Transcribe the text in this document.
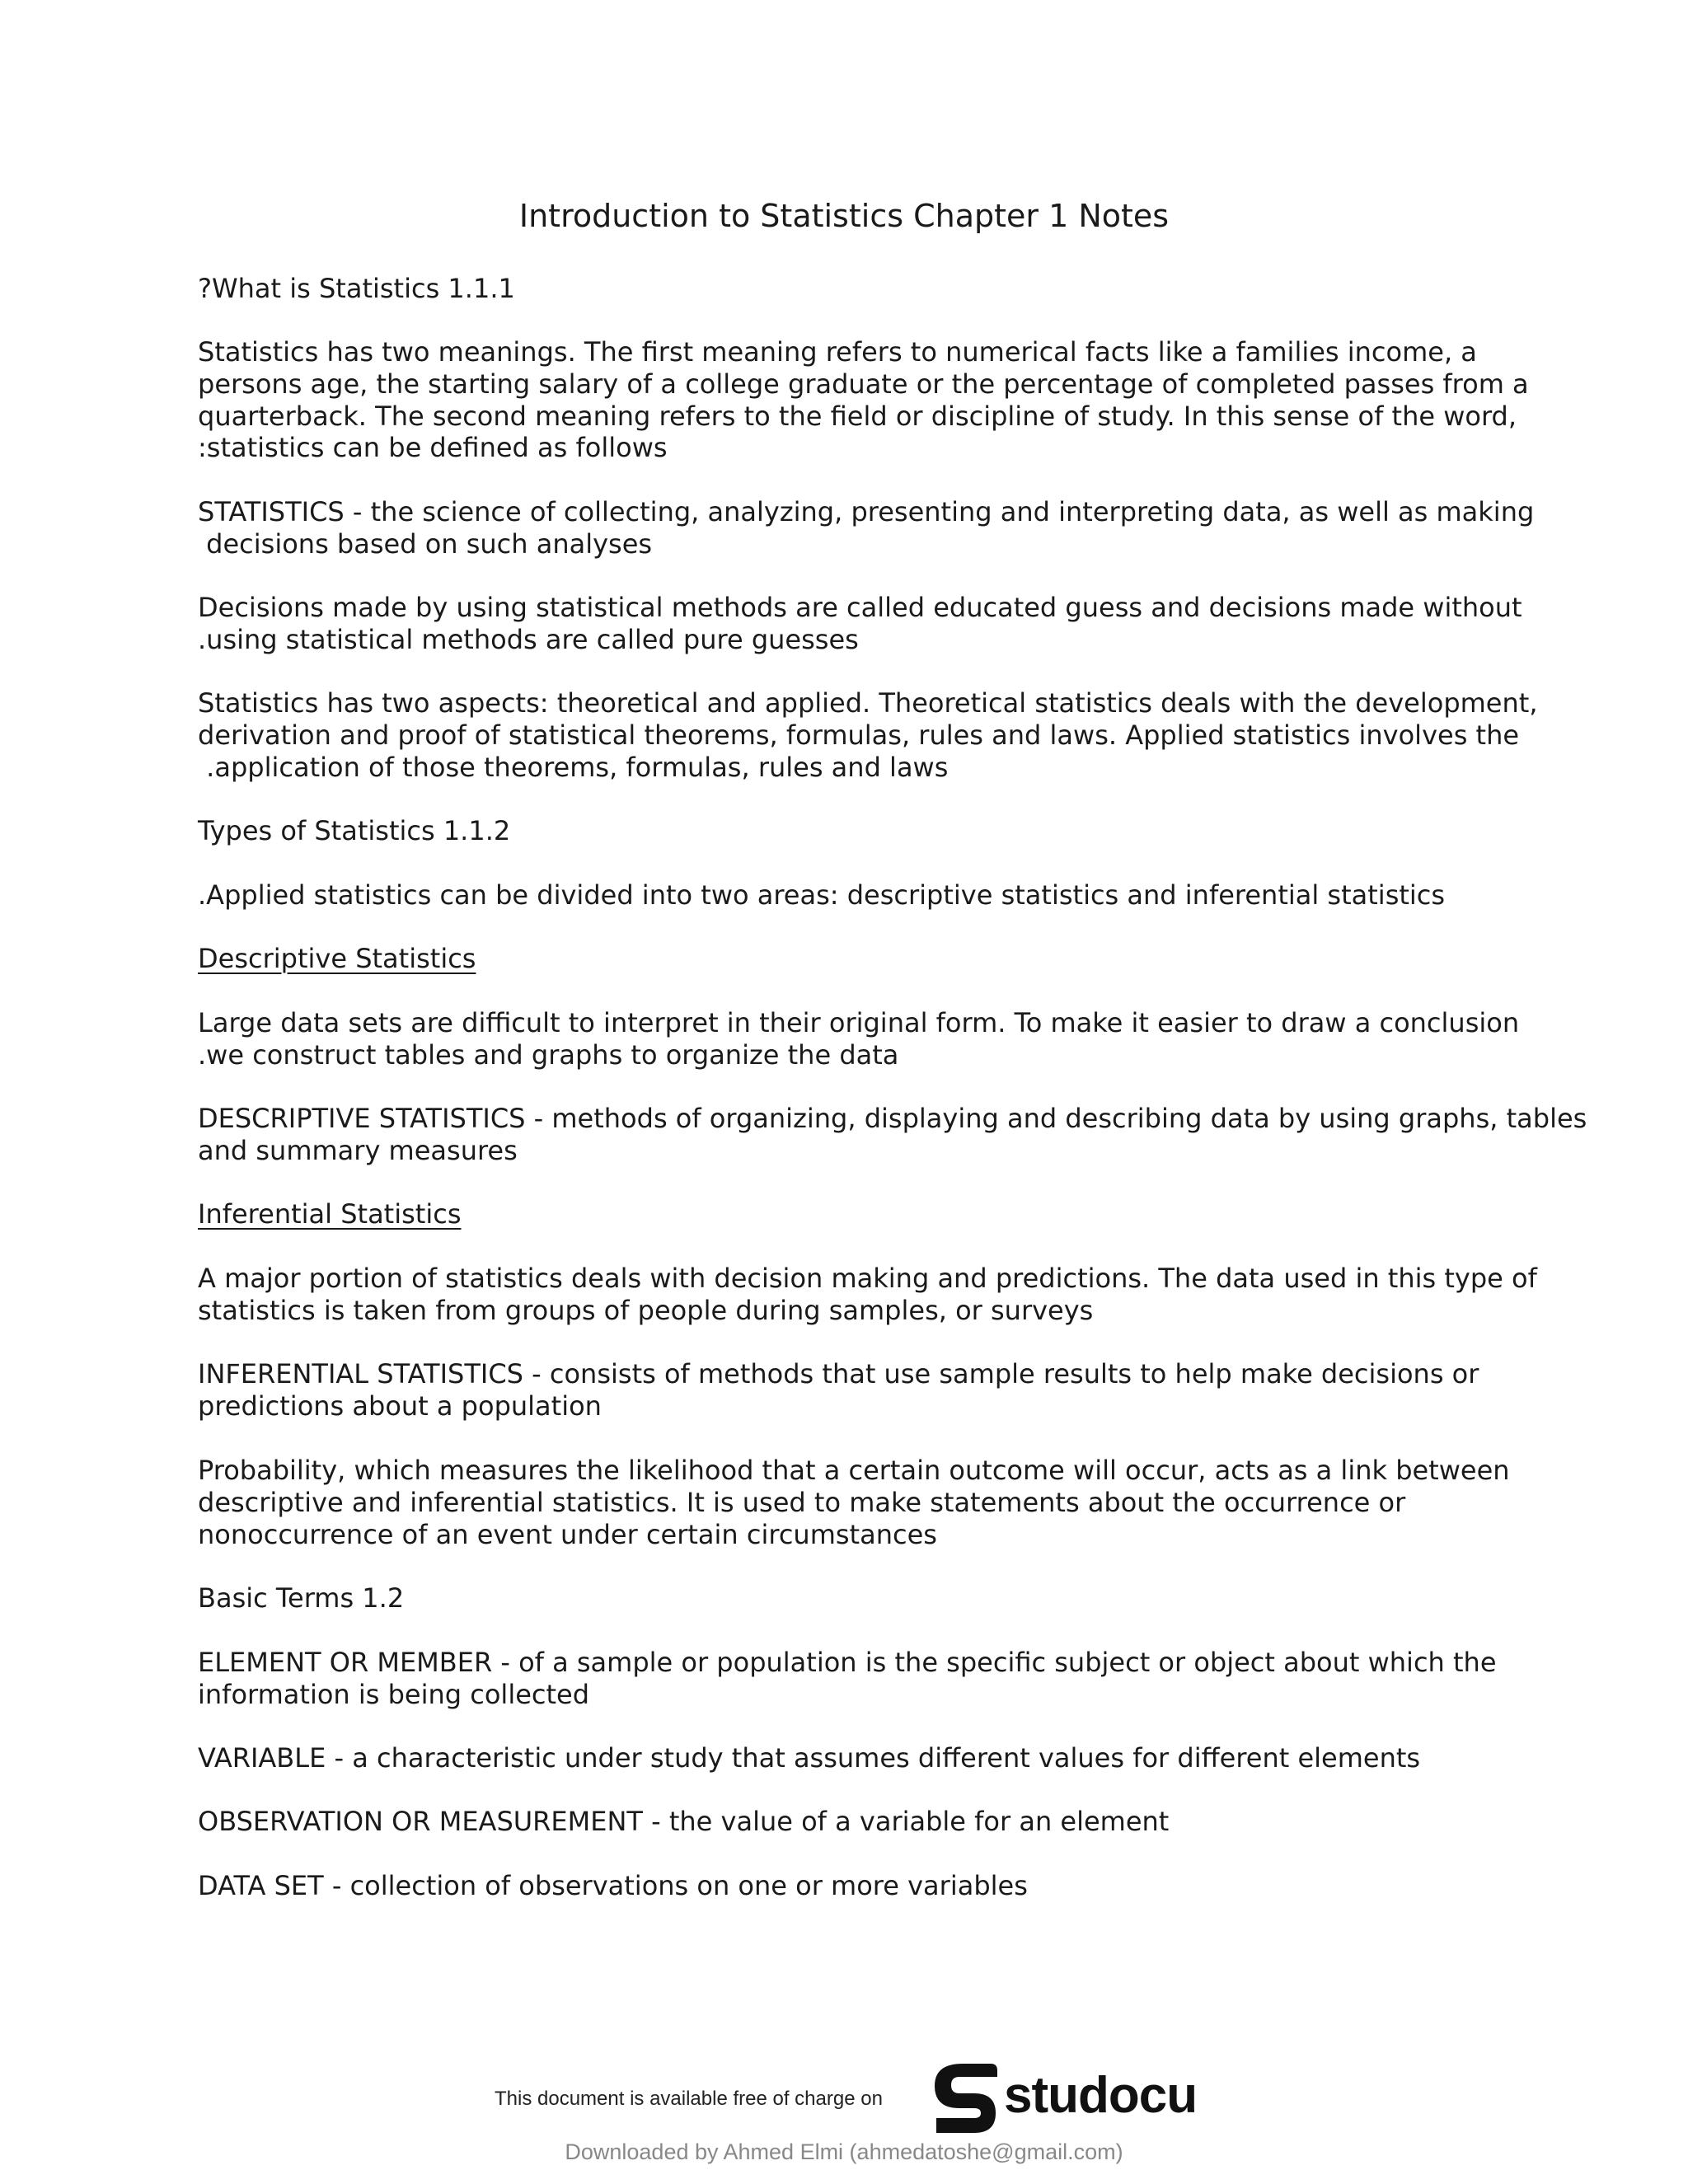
Introduction to Statistics Chapter 1 Notes
?What is Statistics 1.1.1
Statistics has two meanings. The first meaning refers to numerical facts like a families income, a
persons age, the starting salary of a college graduate or the percentage of completed passes from a
quarterback. The second meaning refers to the field or discipline of study. In this sense of the word,
:statistics can be defined as follows
STATISTICS - the science of collecting, analyzing, presenting and interpreting data, as well as making
decisions based on such analyses
Decisions made by using statistical methods are called educated guess and decisions made without
.using statistical methods are called pure guesses
Statistics has two aspects: theoretical and applied. Theoretical statistics deals with the development,
derivation and proof of statistical theorems, formulas, rules and laws. Applied statistics involves the
.application of those theorems, formulas, rules and laws
Types of Statistics 1.1.2
.Applied statistics can be divided into two areas: descriptive statistics and inferential statistics
Descriptive Statistics
Large data sets are difficult to interpret in their original form. To make it easier to draw a conclusion
.we construct tables and graphs to organize the data
DESCRIPTIVE STATISTICS - methods of organizing, displaying and describing data by using graphs, tables
and summary measures
Inferential Statistics
A major portion of statistics deals with decision making and predictions. The data used in this type of
statistics is taken from groups of people during samples, or surveys
INFERENTIAL STATISTICS - consists of methods that use sample results to help make decisions or
predictions about a population
Probability, which measures the likelihood that a certain outcome will occur, acts as a link between
descriptive and inferential statistics. It is used to make statements about the occurrence or
nonoccurrence of an event under certain circumstances
Basic Terms 1.2
ELEMENT OR MEMBER - of a sample or population is the specific subject or object about which the
information is being collected
VARIABLE - a characteristic under study that assumes different values for different elements
OBSERVATION OR MEASUREMENT - the value of a variable for an element
DATA SET - collection of observations on one or more variables
This document is available free of charge on studocu
Downloaded by Ahmed Elmi (ahmedatoshe@gmail.com)
